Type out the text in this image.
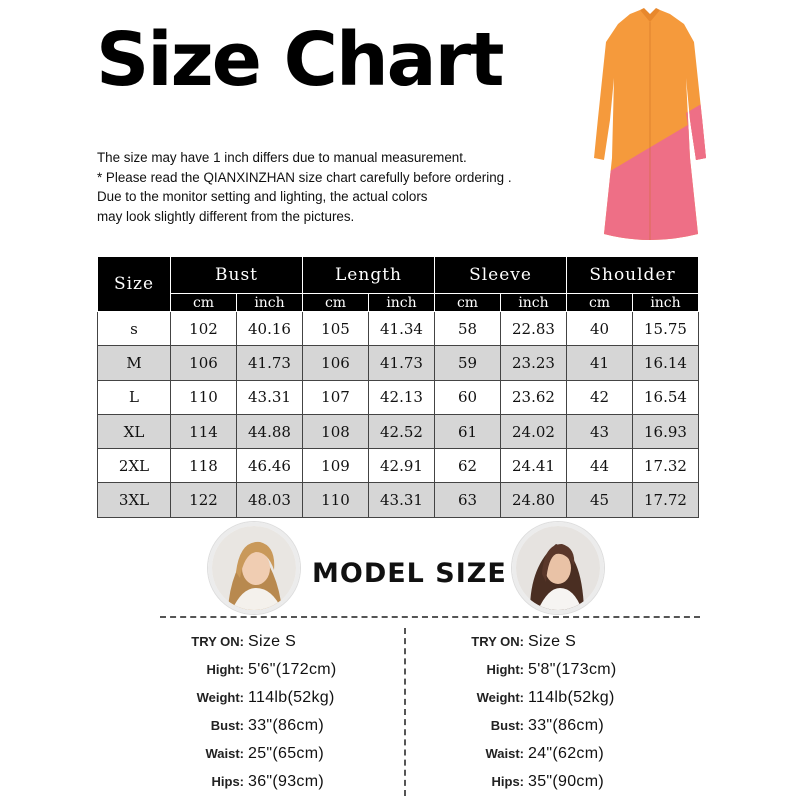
Size Chart
The size may have 1 inch differs due to manual measurement.
* Please read the QIANXINZHAN size chart carefully before ordering .
Due to the monitor setting and lighting, the actual colors
may look slightly different from the pictures.
Size	Bust		Length		Sleeve		Shoulder	
	cm	inch	cm	inch	cm	inch	cm	inch
s	102	40.16	105	41.34	58	22.83	40	15.75
M	106	41.73	106	41.73	59	23.23	41	16.14
L	110	43.31	107	42.13	60	23.62	42	16.54
XL	114	44.88	108	42.52	61	24.02	43	16.93
2XL	118	46.46	109	42.91	62	24.41	44	17.32
3XL	122	48.03	110	43.31	63	24.80	45	17.72
MODEL SIZE
TRY ON: Size S
Hight: 5'6"(172cm)
Weight: 114lb(52kg)
Bust: 33"(86cm)
Waist: 25"(65cm)
Hips: 36"(93cm)
TRY ON: Size S
Hight: 5'8"(173cm)
Weight: 114lb(52kg)
Bust: 33"(86cm)
Waist: 24"(62cm)
Hips: 35"(90cm)
